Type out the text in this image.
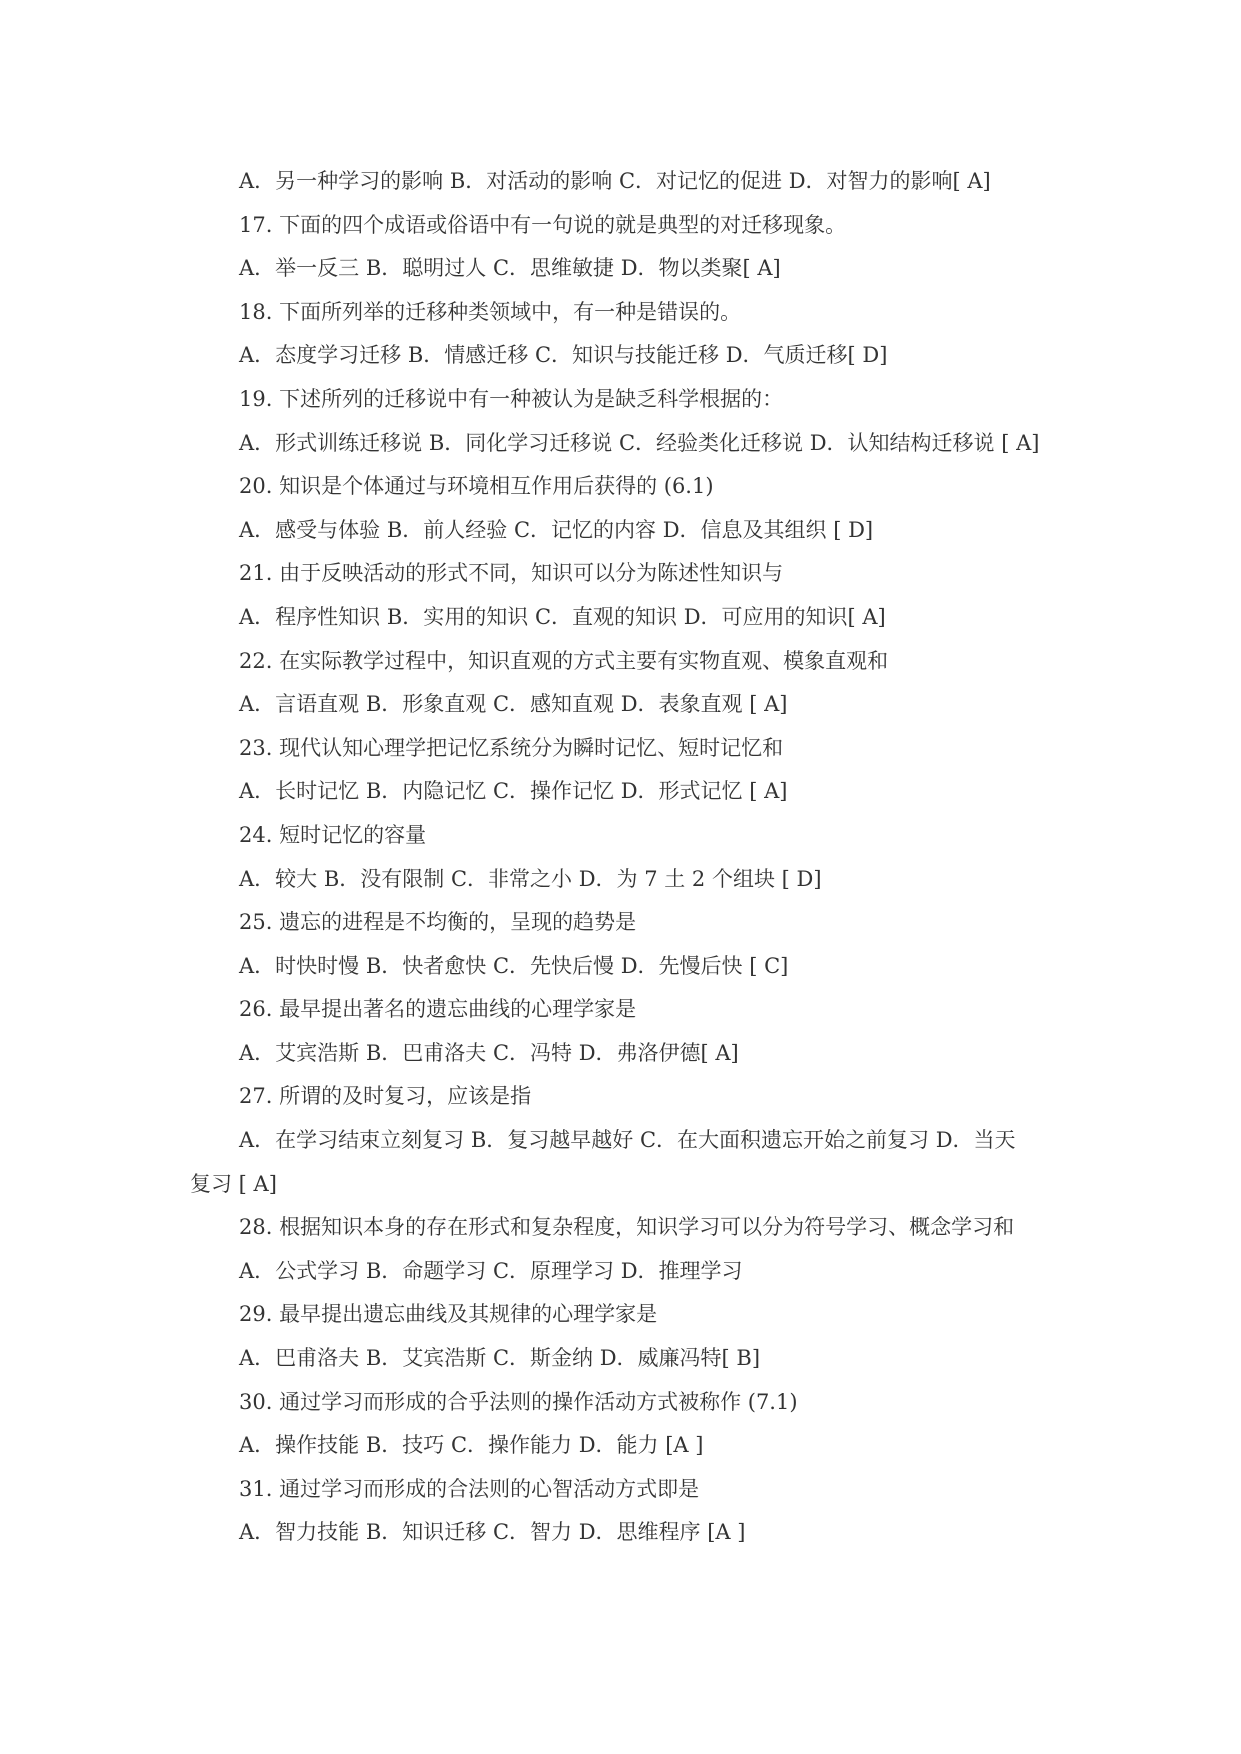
A．另一种学习的影响 B．对活动的影响 C．对记忆的促进 D．对智力的影响[ A]
17. 下面的四个成语或俗语中有一句说的就是典型的对迁移现象。
A．举一反三 B．聪明过人 C．思维敏捷 D．物以类聚[ A]
18. 下面所列举的迁移种类领域中，有一种是错误的。
A．态度学习迁移 B．情感迁移 C．知识与技能迁移 D．气质迁移[ D]
19. 下述所列的迁移说中有一种被认为是缺乏科学根据的：
A．形式训练迁移说 B．同化学习迁移说 C．经验类化迁移说 D．认知结构迁移说 [ A]
20. 知识是个体通过与环境相互作用后获得的 (6.1)
A．感受与体验 B．前人经验 C．记忆的内容 D．信息及其组织 [ D]
21. 由于反映活动的形式不同，知识可以分为陈述性知识与
A．程序性知识 B．实用的知识 C．直观的知识 D．可应用的知识[ A]
22. 在实际教学过程中，知识直观的方式主要有实物直观、模象直观和
A．言语直观 B．形象直观 C．感知直观 D．表象直观 [ A]
23. 现代认知心理学把记忆系统分为瞬时记忆、短时记忆和
A．长时记忆 B．内隐记忆 C．操作记忆 D．形式记忆 [ A]
24. 短时记忆的容量
A．较大 B．没有限制 C．非常之小 D．为 7 土 2 个组块 [ D]
25. 遗忘的进程是不均衡的，呈现的趋势是
A．时快时慢 B．快者愈快 C．先快后慢 D．先慢后快 [ C]
26. 最早提出著名的遗忘曲线的心理学家是
A．艾宾浩斯 B．巴甫洛夫 C．冯特 D．弗洛伊德[ A]
27. 所谓的及时复习，应该是指
A．在学习结束立刻复习 B．复习越早越好 C．在大面积遗忘开始之前复习 D．当天
复习 [ A]
28. 根据知识本身的存在形式和复杂程度，知识学习可以分为符号学习、概念学习和
A．公式学习 B．命题学习 C．原理学习 D．推理学习
29. 最早提出遗忘曲线及其规律的心理学家是
A．巴甫洛夫 B．艾宾浩斯 C．斯金纳 D．威廉冯特[ B]
30. 通过学习而形成的合乎法则的操作活动方式被称作 (7.1)
A．操作技能 B．技巧 C．操作能力 D．能力 [A ]
31. 通过学习而形成的合法则的心智活动方式即是
A．智力技能 B．知识迁移 C．智力 D．思维程序 [A ]
